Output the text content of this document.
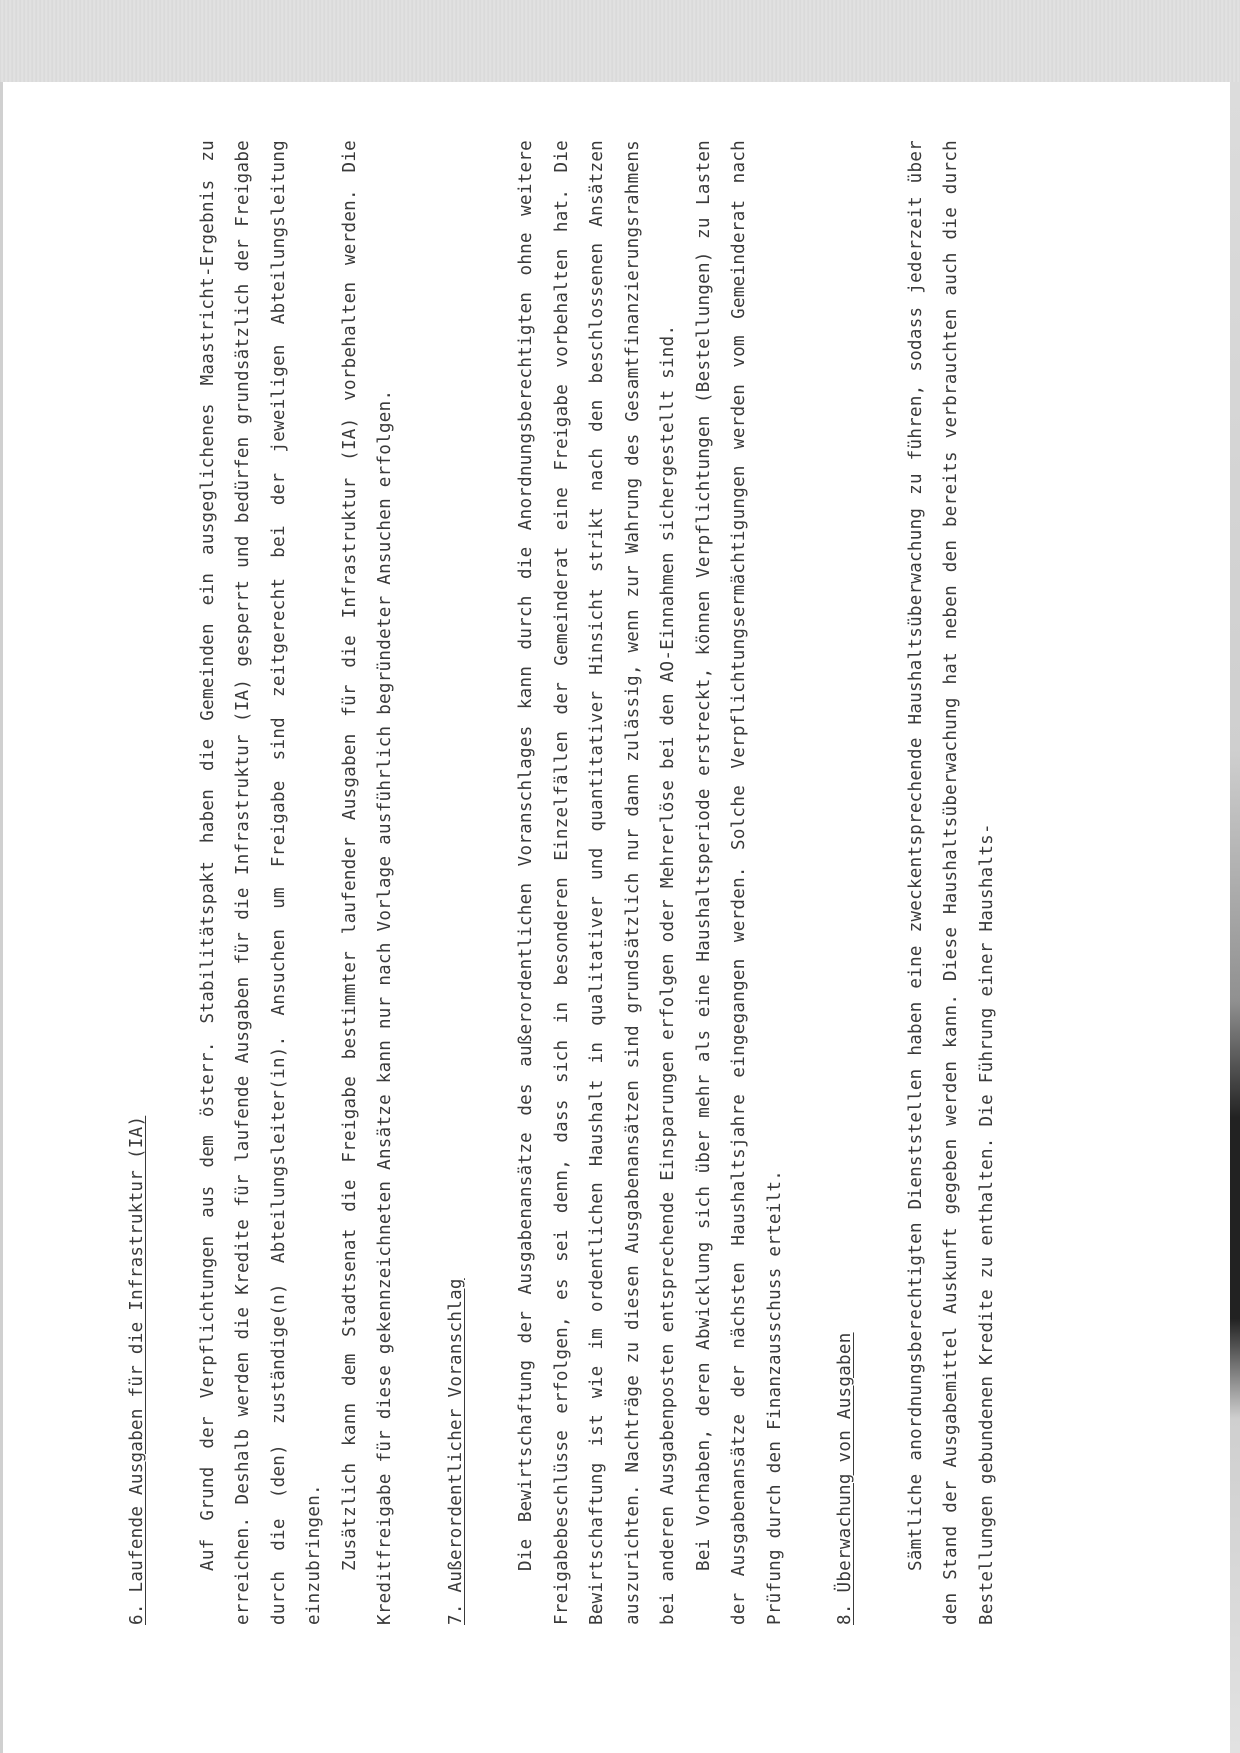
6. Laufende Ausgaben für die Infrastruktur (IA)	Auf Grund der Verpflichtungen aus dem österr. Stabilitätspakt haben die Gemeinden ein ausgeglichenes Maastricht-Ergebnis zu erreichen. Deshalb werden die Kredite für laufende Ausgaben für die Infrastruktur (IA) gesperrt und bedürfen grundsätzlich der Freigabe durch die (den) zuständige(n) Abteilungsleiter(in). Ansuchen um Freigabe sind zeitgerecht bei der jeweiligen Abteilungsleitung einzubringen. Zusätzlich kann dem Stadtsenat die Freigabe bestimmter laufender Ausgaben für die Infrastruktur (IA) vorbehalten werden. Die Kreditfreigabe für diese gekennzeichneten Ansätze kann nur nach Vorlage ausführlich begründeter Ansuchen erfolgen.	7. Außerordentlicher Voranschlag	Die Bewirtschaftung der Ausgabenansätze des außerordentlichen Voranschlages kann durch die Anordnungsberechtigten ohne weitere Freigabebeschlüsse erfolgen, es sei denn, dass sich in besonderen Einzelfällen der Gemeinderat eine Freigabe vorbehalten hat. Die Bewirtschaftung ist wie im ordentlichen Haushalt in qualitativer und quantitativer Hinsicht strikt nach den beschlossenen Ansätzen auszurichten. Nachträge zu diesen Ausgabenansätzen sind grundsätzlich nur dann zulässig, wenn zur Wahrung des Gesamtfinanzierungsrahmens bei anderen Ausgabenposten entsprechende Einsparungen erfolgen oder Mehrerlöse bei den AO-Einnahmen sichergestellt sind. Bei Vorhaben, deren Abwicklung sich über mehr als eine Haushaltsperiode erstreckt, können Verpflichtungen (Bestellungen) zu Lasten der Ausgabenansätze der nächsten Haushaltsjahre eingegangen werden. Solche Verpflichtungsermächtigungen werden vom Gemeinderat nach Prüfung durch den Finanzausschuss erteilt.	8. Überwachung von Ausgaben	Sämtliche anordnungsberechtigten Dienststellen haben eine zweckentsprechende Haushaltsüberwachung zu führen, sodass jederzeit über den Stand der Ausgabemittel Auskunft gegeben werden kann. Diese Haushaltsüberwachung hat neben den bereits verbrauchten auch die durch Bestellungen gebundenen Kredite zu enthalten. Die Führung einer Haushalts-
